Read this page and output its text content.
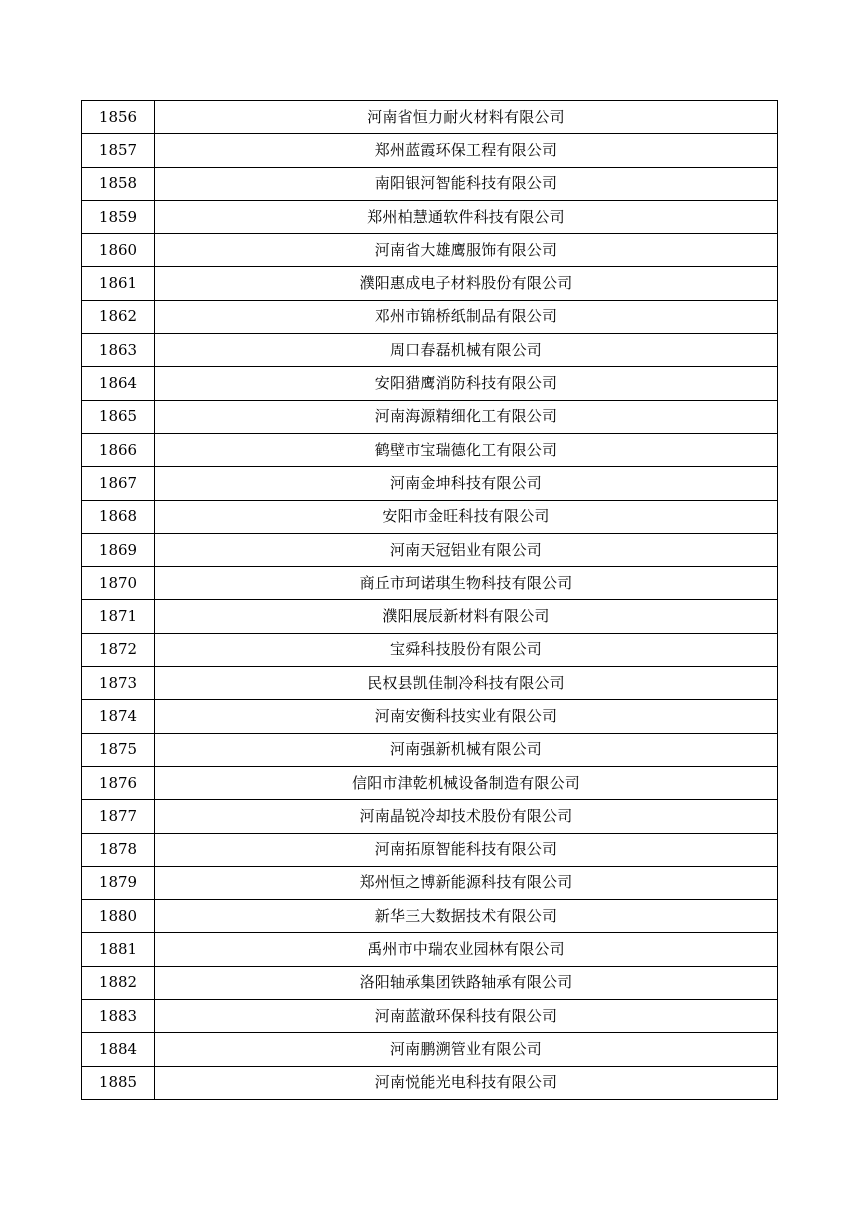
1856	河南省恒力耐火材料有限公司
1857	郑州蓝霞环保工程有限公司
1858	南阳银河智能科技有限公司
1859	郑州柏慧通软件科技有限公司
1860	河南省大雄鹰服饰有限公司
1861	濮阳惠成电子材料股份有限公司
1862	邓州市锦桥纸制品有限公司
1863	周口春磊机械有限公司
1864	安阳猎鹰消防科技有限公司
1865	河南海源精细化工有限公司
1866	鹤壁市宝瑞德化工有限公司
1867	河南金坤科技有限公司
1868	安阳市金旺科技有限公司
1869	河南天冠铝业有限公司
1870	商丘市珂诺琪生物科技有限公司
1871	濮阳展辰新材料有限公司
1872	宝舜科技股份有限公司
1873	民权县凯佳制冷科技有限公司
1874	河南安衡科技实业有限公司
1875	河南强新机械有限公司
1876	信阳市津乾机械设备制造有限公司
1877	河南晶锐冷却技术股份有限公司
1878	河南拓原智能科技有限公司
1879	郑州恒之博新能源科技有限公司
1880	新华三大数据技术有限公司
1881	禹州市中瑞农业园林有限公司
1882	洛阳轴承集团铁路轴承有限公司
1883	河南蓝澈环保科技有限公司
1884	河南鹏溯管业有限公司
1885	河南悦能光电科技有限公司
